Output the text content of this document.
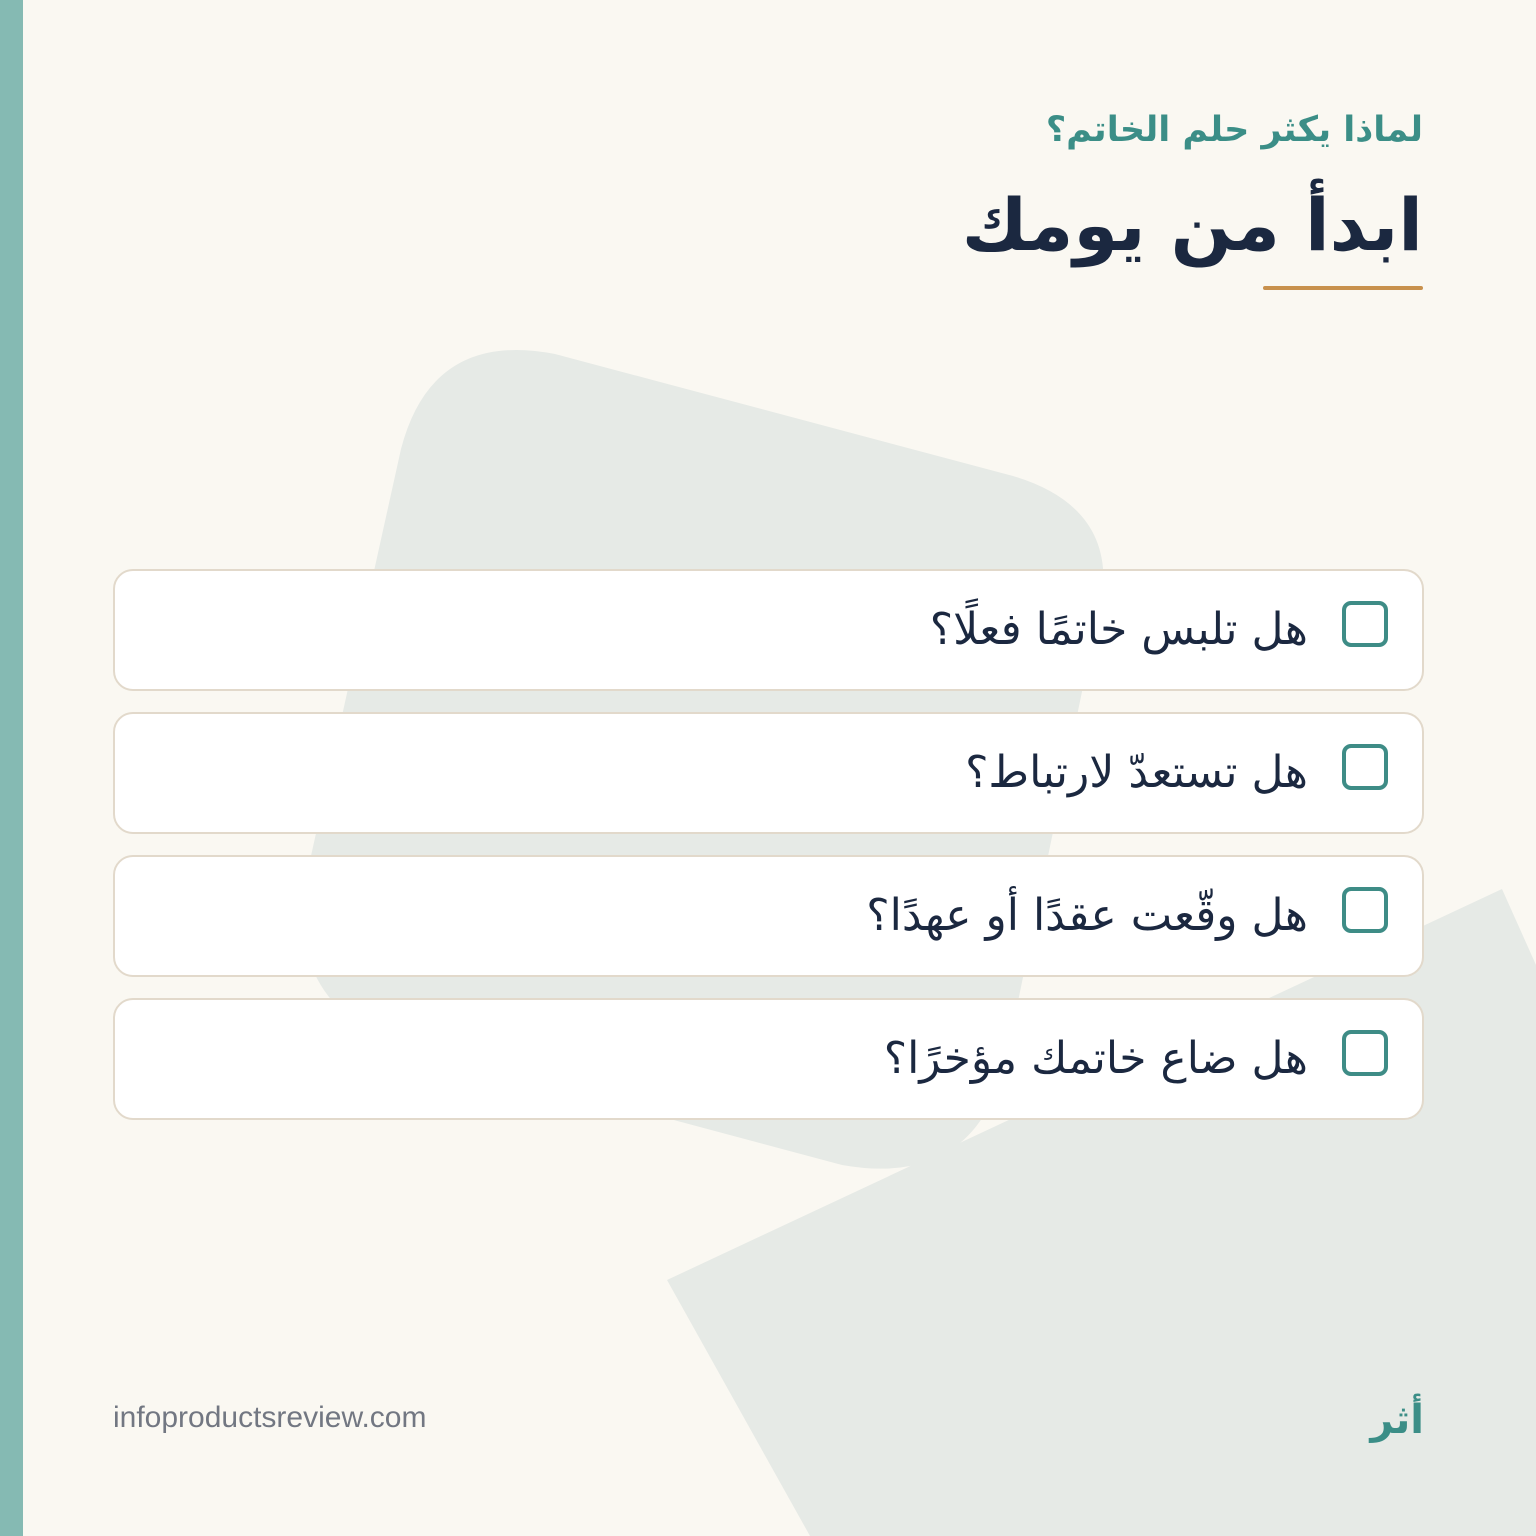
لماذا يكثر حلم الخاتم؟
ابدأ من يومك
هل تلبس خاتمًا فعلًا؟
هل تستعدّ لارتباط؟
هل وقّعت عقدًا أو عهدًا؟
هل ضاع خاتمك مؤخرًا؟
infoproductsreview.com	أثر
